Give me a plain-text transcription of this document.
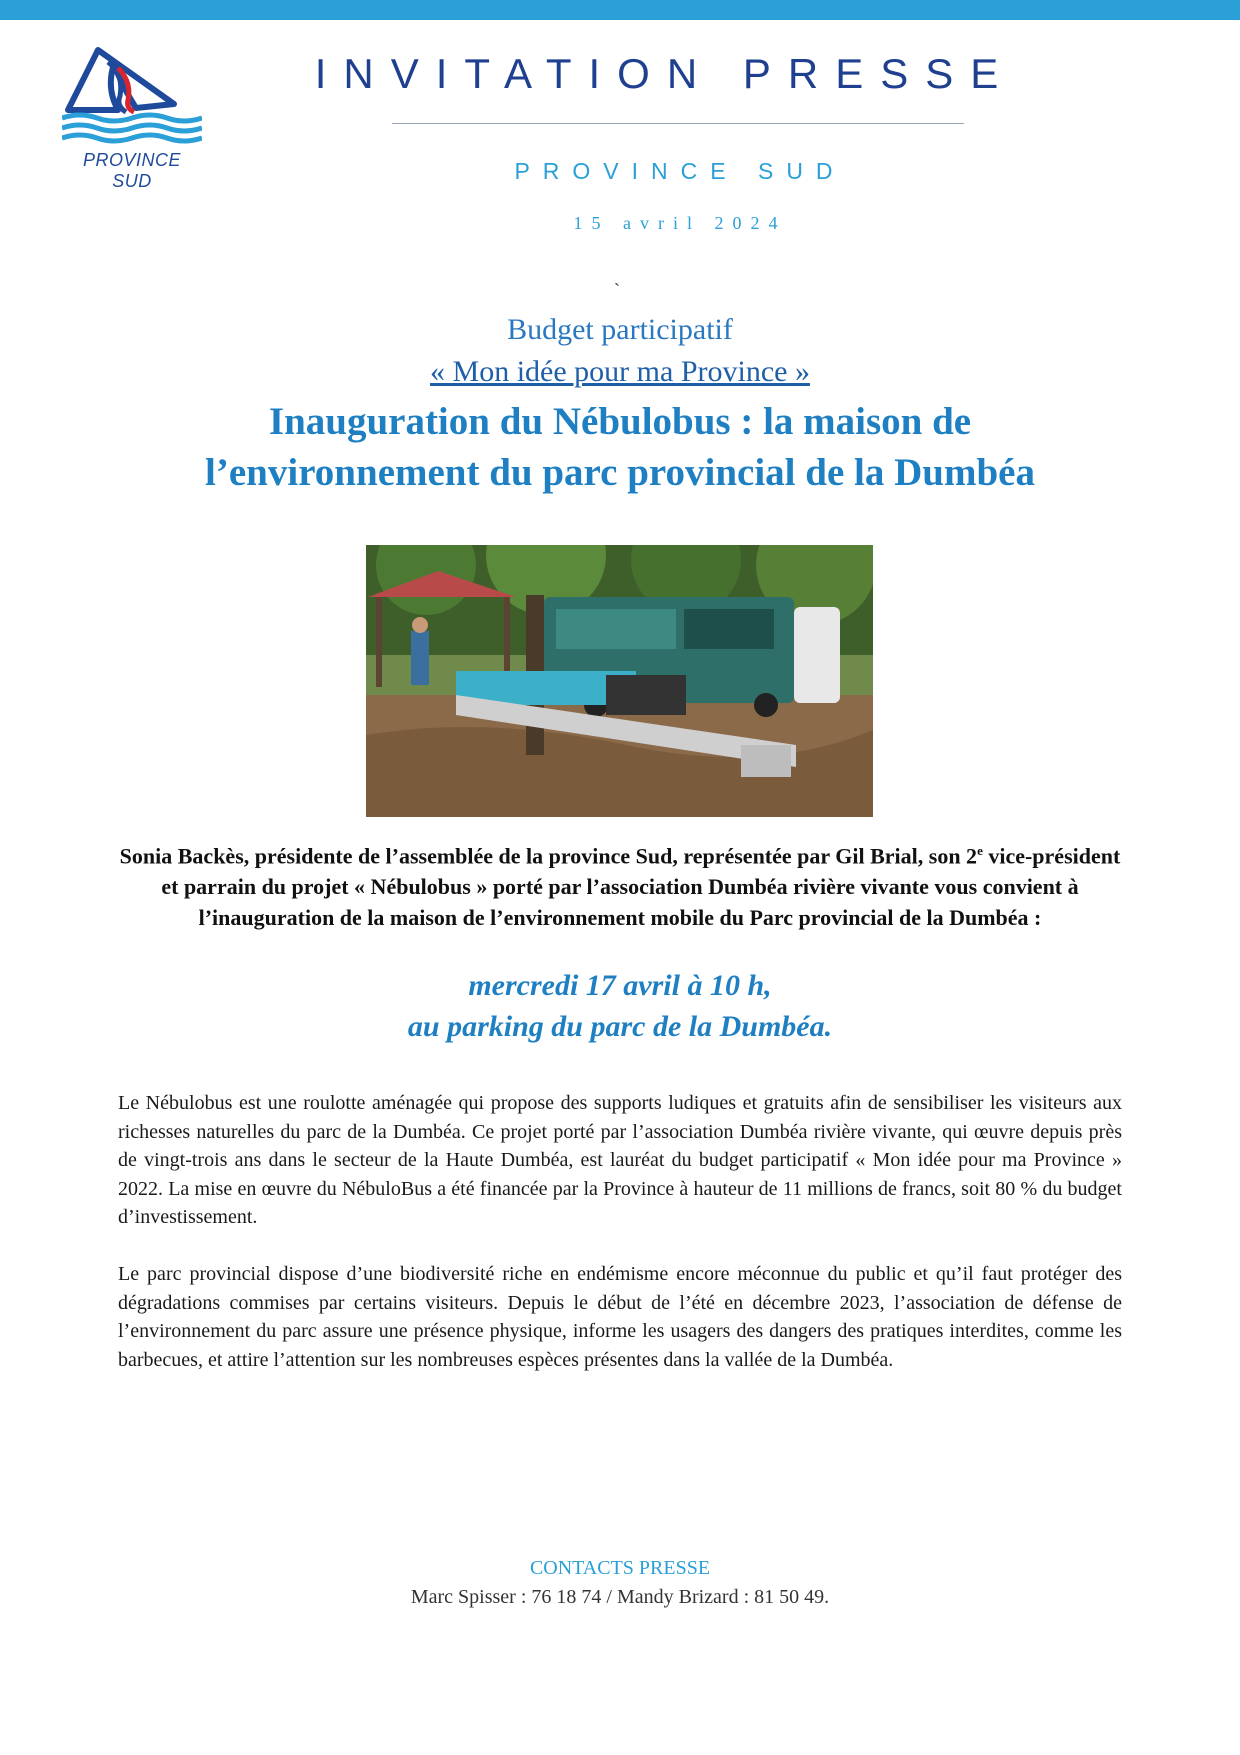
PROVINCE SUD
INVITATION PRESSE
PROVINCE SUD
15 avril 2024
`
Budget participatif
« Mon idée pour ma Province »
Inauguration du Nébulobus : la maison de
l’environnement du parc provincial de la Dumbéa
Sonia Backès, présidente de l’assemblée de la province Sud, représentée par Gil Brial, son 2e vice-président et parrain du projet « Nébulobus » porté par l’association Dumbéa rivière vivante vous convient à l’inauguration de la maison de l’environnement mobile du Parc provincial de la Dumbéa :
mercredi 17 avril à 10 h,
au parking du parc de la Dumbéa.

Le Nébulobus est une roulotte aménagée qui propose des supports ludiques et gratuits afin de sensibiliser les visiteurs aux richesses naturelles du parc de la Dumbéa. Ce projet porté par l’association Dumbéa rivière vivante, qui œuvre depuis près de vingt-trois ans dans le secteur de la Haute Dumbéa, est lauréat du budget participatif « Mon idée pour ma Province » 2022. La mise en œuvre du NébuloBus a été financée par la Province à hauteur de 11 millions de francs, soit 80 % du budget d’investissement.

Le parc provincial dispose d’une biodiversité riche en endémisme encore méconnue du public et qu’il faut protéger des dégradations commises par certains visiteurs. Depuis le début de l’été en décembre 2023, l’association de défense de l’environnement du parc assure une présence physique, informe les usagers des dangers des pratiques interdites, comme les barbecues, et attire l’attention sur les nombreuses espèces présentes dans la vallée de la Dumbéa.

CONTACTS PRESSE
Marc Spisser : 76 18 74 / Mandy Brizard : 81 50 49.
